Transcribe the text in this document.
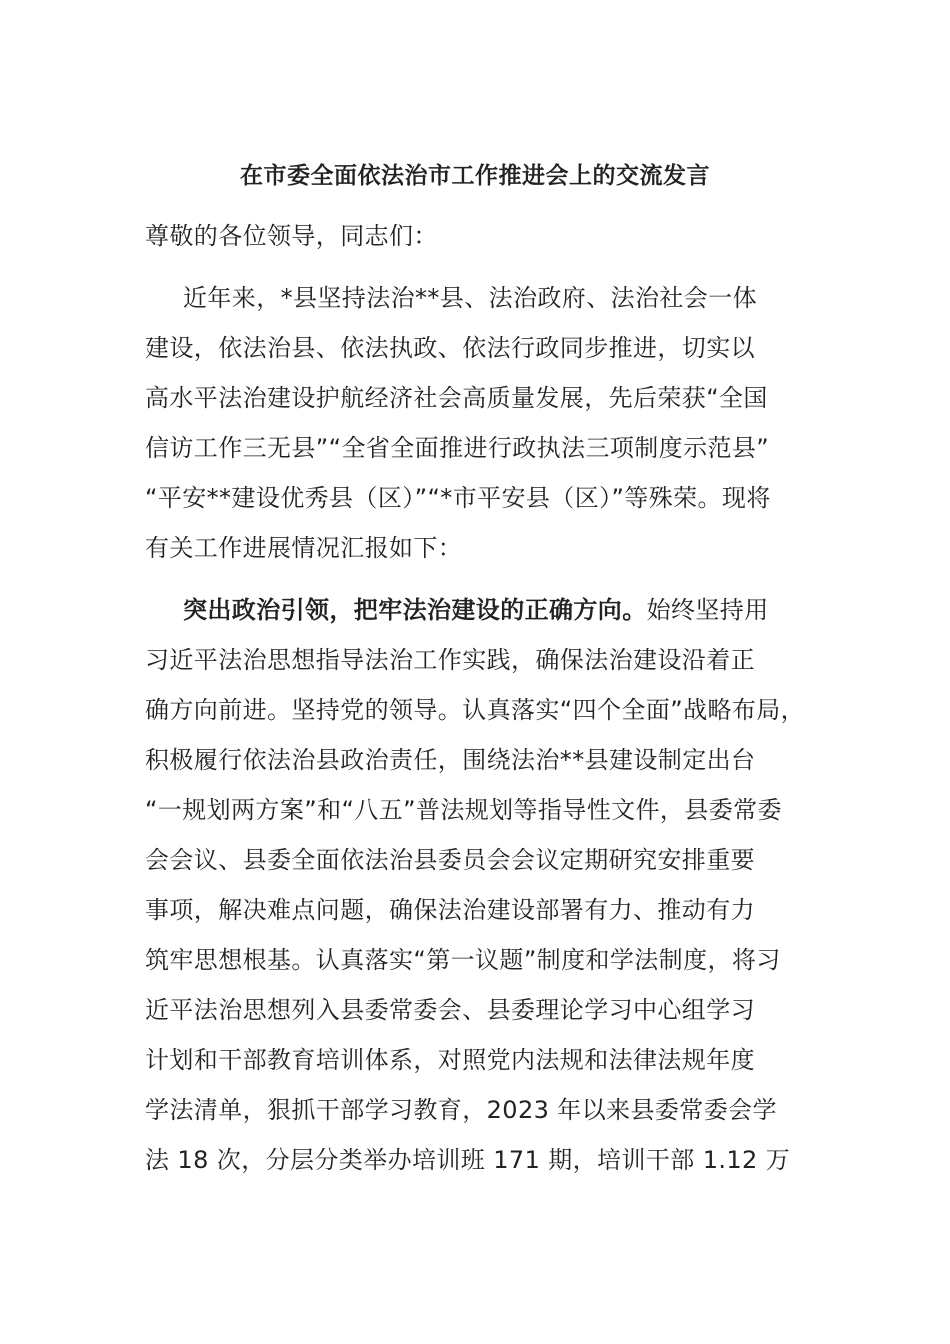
在市委全面依法治市工作推进会上的交流发言
尊敬的各位领导，同志们：
近年来，*县坚持法治**县、法治政府、法治社会一体
建设，依法治县、依法执政、依法行政同步推进，切实以
高水平法治建设护航经济社会高质量发展，先后荣获“全国
信访工作三无县”“全省全面推进行政执法三项制度示范县”
“平安**建设优秀县（区）”“*市平安县（区）”等殊荣。现将
有关工作进展情况汇报如下：
突出政治引领，把牢法治建设的正确方向。始终坚持用
习近平法治思想指导法治工作实践，确保法治建设沿着正
确方向前进。坚持党的领导。认真落实“四个全面”战略布局，
积极履行依法治县政治责任，围绕法治**县建设制定出台
“一规划两方案”和“八五”普法规划等指导性文件，县委常委
会会议、县委全面依法治县委员会会议定期研究安排重要
事项，解决难点问题，确保法治建设部署有力、推动有力
筑牢思想根基。认真落实“第一议题”制度和学法制度，将习
近平法治思想列入县委常委会、县委理论学习中心组学习
计划和干部教育培训体系，对照党内法规和法律法规年度
学法清单，狠抓干部学习教育，2023 年以来县委常委会学
法 18 次，分层分类举办培训班 171 期，培训干部 1.12 万
